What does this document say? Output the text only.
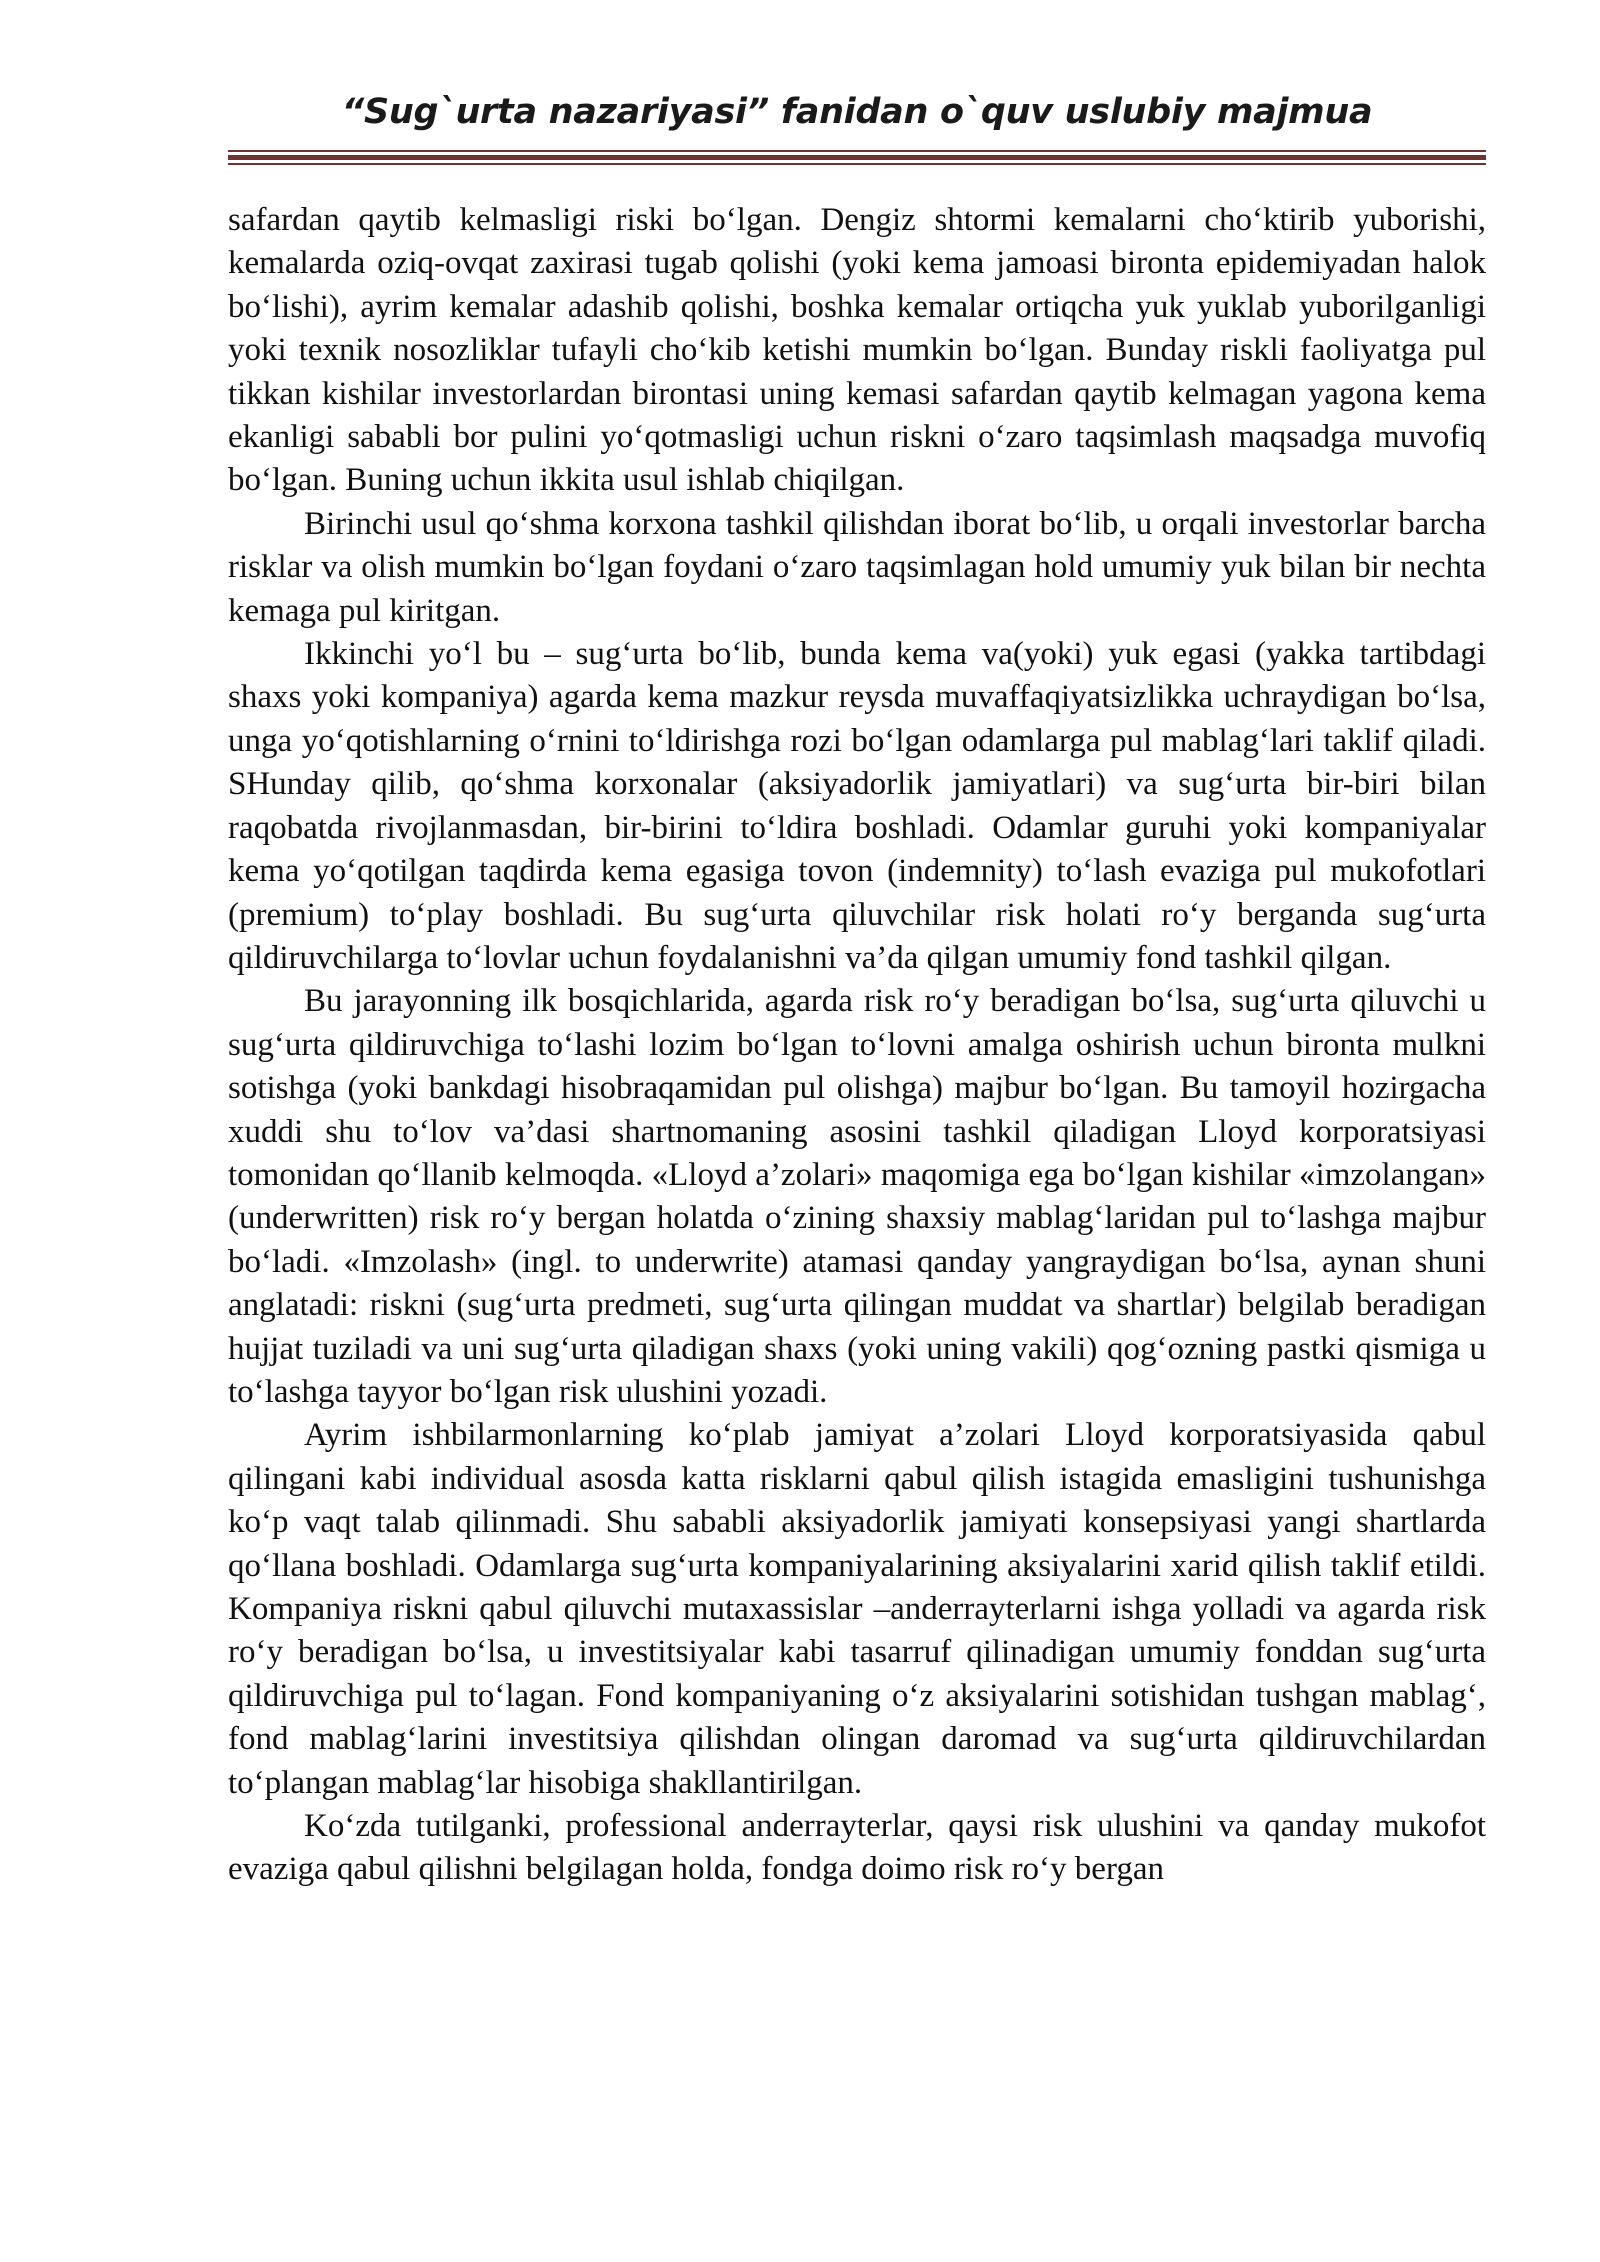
“Sug`urta nazariyasi” fanidan o`quv uslubiy majmua

safardan qaytib kelmasligi riski bo‘lgan. Dengiz shtormi kemalarni cho‘ktirib yuborishi, kemalarda oziq-ovqat zaxirasi tugab qolishi (yoki kema jamoasi bironta epidemiyadan halok bo‘lishi), ayrim kemalar adashib qolishi, boshka kemalar ortiqcha yuk yuklab yuborilganligi yoki texnik nosozliklar tufayli cho‘kib ketishi mumkin bo‘lgan. Bunday riskli faoliyatga pul tikkan kishilar investorlardan birontasi uning kemasi safardan qaytib kelmagan yagona kema ekanligi sababli bor pulini yo‘qotmasligi uchun riskni o‘zaro taqsimlash maqsadga muvofiq bo‘lgan. Buning uchun ikkita usul ishlab chiqilgan.

Birinchi usul qo‘shma korxona tashkil qilishdan iborat bo‘lib, u orqali investorlar barcha risklar va olish mumkin bo‘lgan foydani o‘zaro taqsimlagan hold umumiy yuk bilan bir nechta kemaga pul kiritgan.

Ikkinchi yo‘l bu – sug‘urta bo‘lib, bunda kema va(yoki) yuk egasi (yakka tartibdagi shaxs yoki kompaniya) agarda kema mazkur reysda muvaffaqiyatsizlikka uchraydigan bo‘lsa, unga yo‘qotishlarning o‘rnini to‘ldirishga rozi bo‘lgan odamlarga pul mablag‘lari taklif qiladi. SHunday qilib, qo‘shma korxonalar (aksiyadorlik jamiyatlari) va sug‘urta bir-biri bilan raqobatda rivojlanmasdan, bir-birini to‘ldira boshladi. Odamlar guruhi yoki kompaniyalar kema yo‘qotilgan taqdirda kema egasiga tovon (indemnity) to‘lash evaziga pul mukofotlari (premium) to‘play boshladi. Bu sug‘urta qiluvchilar risk holati ro‘y berganda sug‘urta qildiruvchilarga to‘lovlar uchun foydalanishni va’da qilgan umumiy fond tashkil qilgan.

Bu jarayonning ilk bosqichlarida, agarda risk ro‘y beradigan bo‘lsa, sug‘urta qiluvchi u sug‘urta qildiruvchiga to‘lashi lozim bo‘lgan to‘lovni amalga oshirish uchun bironta mulkni sotishga (yoki bankdagi hisobraqamidan pul olishga) majbur bo‘lgan. Bu tamoyil hozirgacha xuddi shu to‘lov va’dasi shartnomaning asosini tashkil qiladigan Lloyd korporatsiyasi tomonidan qo‘llanib kelmoqda. «Lloyd a’zolari» maqomiga ega bo‘lgan kishilar «imzolangan» (underwritten) risk ro‘y bergan holatda o‘zining shaxsiy mablag‘laridan pul to‘lashga majbur bo‘ladi. «Imzolash» (ingl. to underwrite) atamasi qanday yangraydigan bo‘lsa, aynan shuni anglatadi: riskni (sug‘urta predmeti, sug‘urta qilingan muddat va shartlar) belgilab beradigan hujjat tuziladi va uni sug‘urta qiladigan shaxs (yoki uning vakili) qog‘ozning pastki qismiga u to‘lashga tayyor bo‘lgan risk ulushini yozadi.

Ayrim ishbilarmonlarning ko‘plab jamiyat a’zolari Lloyd korporatsiyasida qabul qilingani kabi individual asosda katta risklarni qabul qilish istagida emasligini tushunishga ko‘p vaqt talab qilinmadi. Shu sababli aksiyadorlik jamiyati konsepsiyasi yangi shartlarda qo‘llana boshladi. Odamlarga sug‘urta kompaniyalarining aksiyalarini xarid qilish taklif etildi. Kompaniya riskni qabul qiluvchi mutaxassislar –anderrayterlarni ishga yolladi va agarda risk ro‘y beradigan bo‘lsa, u investitsiyalar kabi tasarruf qilinadigan umumiy fonddan sug‘urta qildiruvchiga pul to‘lagan. Fond kompaniyaning o‘z aksiyalarini sotishidan tushgan mablag‘, fond mablag‘larini investitsiya qilishdan olingan daromad va sug‘urta qildiruvchilardan to‘plangan mablag‘lar hisobiga shakllantirilgan.

Ko‘zda tutilganki, professional anderrayterlar, qaysi risk ulushini va qanday mukofot evaziga qabul qilishni belgilagan holda, fondga doimo risk ro‘y bergan
